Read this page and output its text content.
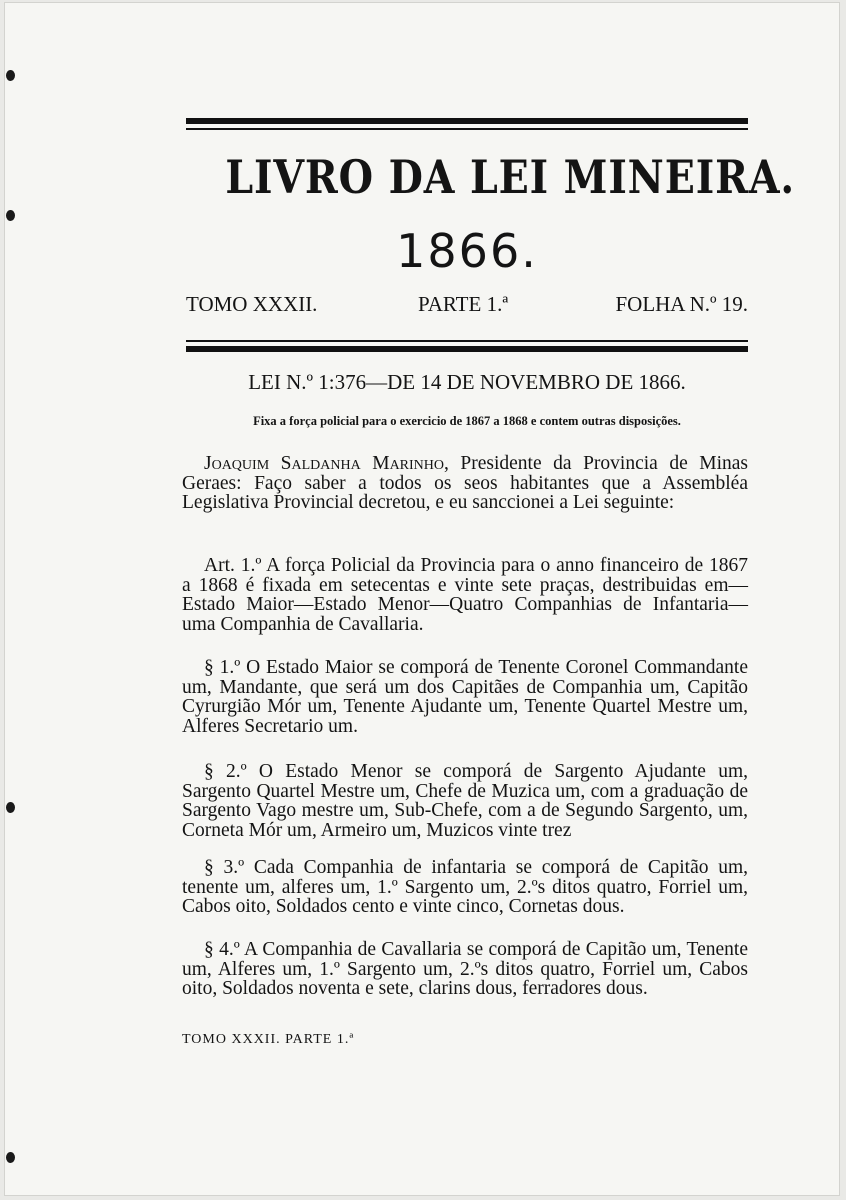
LIVRO DA LEI MINEIRA.
1866.
TOMO XXXII.	PARTE 1.ª	FOLHA N.º 19.
LEI N.º 1:376—DE 14 DE NOVEMBRO DE 1866.
Fixa a força policial para o exercicio de 1867 a 1868 e contem outras disposições.
Joaquim Saldanha Marinho, Presidente da Provincia de Minas Geraes: Faço saber a todos os seos habitantes que a Assembléa Legislativa Provincial decretou, e eu sanccionei a Lei seguinte:
Art. 1.º A força Policial da Provincia para o anno financeiro de 1867 a 1868 é fixada em setecentas e vinte sete praças, destribuidas em—Estado Maior—Estado Menor—Quatro Companhias de Infantaria—uma Companhia de Cavallaria.
§ 1.º O Estado Maior se comporá de Tenente Coronel Commandante um, Mandante, que será um dos Capitães de Companhia um, Capitão Cyrurgião Mór um, Tenente Ajudante um, Tenente Quartel Mestre um, Alferes Secretario um.
§ 2.º O Estado Menor se comporá de Sargento Ajudante um, Sargento Quartel Mestre um, Chefe de Muzica um, com a graduação de Sargento Vago mestre um, Sub-Chefe, com a de Segundo Sargento, um, Corneta Mór um, Armeiro um, Muzicos vinte trez
§ 3.º Cada Companhia de infantaria se comporá de Capitão um, tenente um, alferes um, 1.º Sargento um, 2.ºs ditos quatro, Forriel um, Cabos oito, Soldados cento e vinte cinco, Cornetas dous.
§ 4.º A Companhia de Cavallaria se comporá de Capitão um, Tenente um, Alferes um, 1.º Sargento um, 2.ºs ditos quatro, Forriel um, Cabos oito, Soldados noventa e sete, clarins dous, ferradores dous.
TOMO XXXII. PARTE 1.ª
